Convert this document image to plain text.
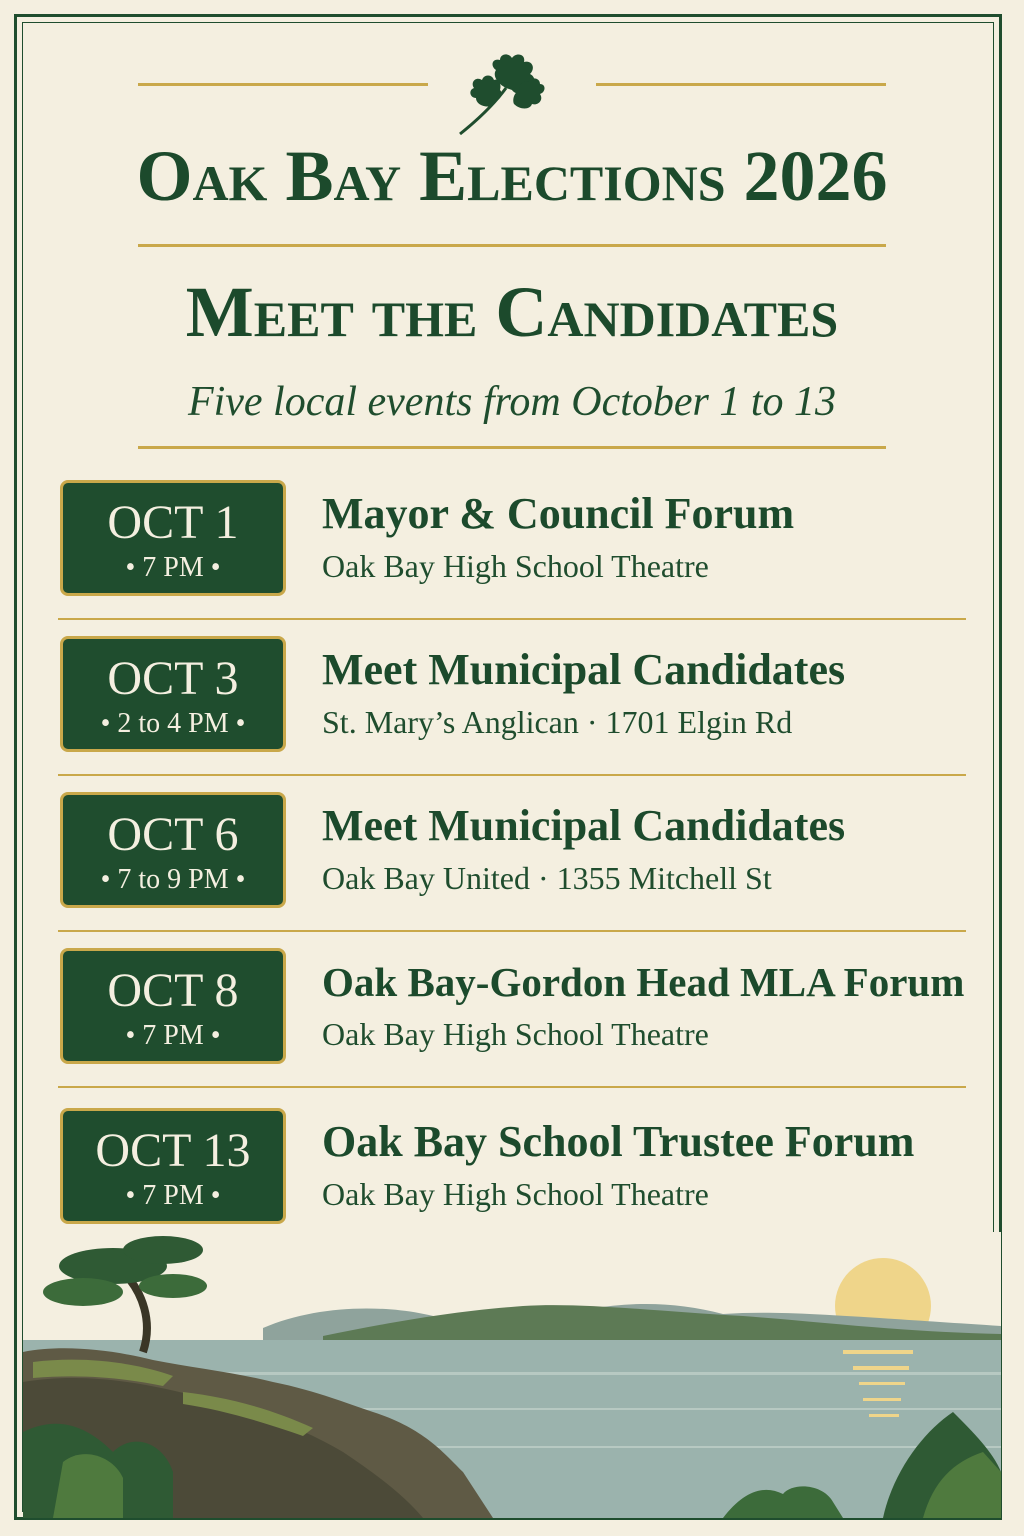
Oak Bay Elections 2026
Meet the Candidates
Five local events from October 1 to 13
OCT 1
• 7 PM •
Mayor & Council Forum
Oak Bay High School Theatre
OCT 3
• 2 to 4 PM •
Meet Municipal Candidates
St. Mary’s Anglican · 1701 Elgin Rd
OCT 6
• 7 to 9 PM •
Meet Municipal Candidates
Oak Bay United · 1355 Mitchell St
OCT 8
• 7 PM •
Oak Bay-Gordon Head MLA Forum
Oak Bay High School Theatre
OCT 13
• 7 PM •
Oak Bay School Trustee Forum
Oak Bay High School Theatre
